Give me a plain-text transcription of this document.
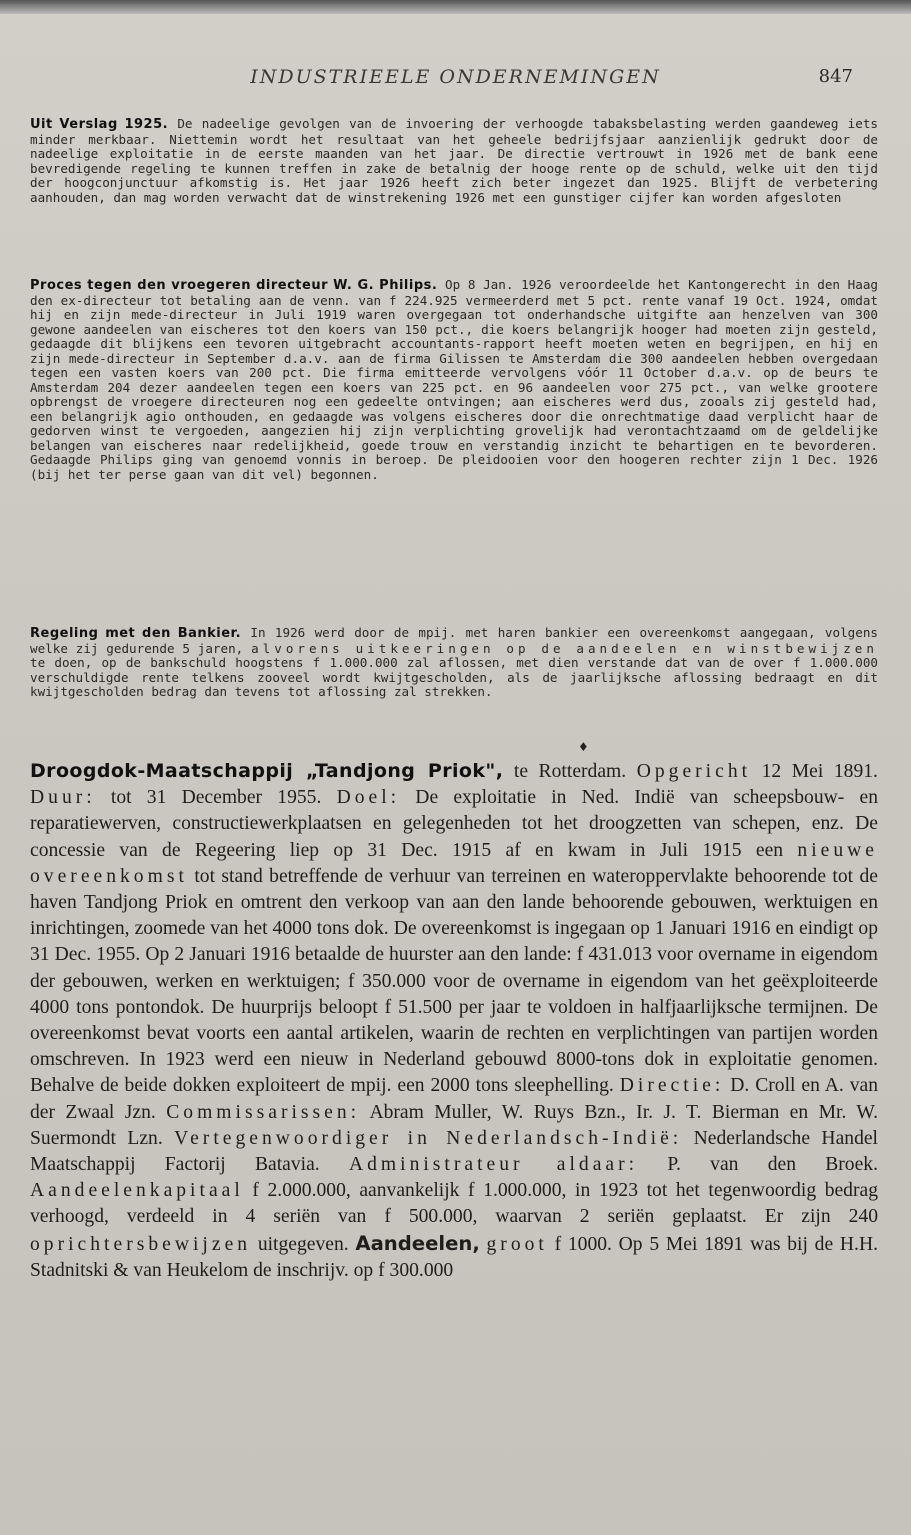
INDUSTRIEELE ONDERNEMINGEN	847
Uit Verslag 1925. De nadeelige gevolgen van de invoering der verhoogde tabaksbelasting werden gaandeweg iets minder merkbaar. Niettemin wordt het resultaat van het geheele bedrijfsjaar aanzienlijk gedrukt door de nadeelige exploitatie in de eerste maanden van het jaar. De directie vertrouwt in 1926 met de bank eene bevredigende regeling te kunnen treffen in zake de betalnig der hooge rente op de schuld, welke uit den tijd der hoogconjunctuur afkomstig is. Het jaar 1926 heeft zich beter ingezet dan 1925. Blijft de verbetering aanhouden, dan mag worden verwacht dat de winstrekening 1926 met een gunstiger cijfer kan worden afgesloten
Proces tegen den vroegeren directeur W. G. Philips. Op 8 Jan. 1926 veroordeelde het Kantongerecht in den Haag den ex-directeur tot betaling aan de venn. van f 224.925 vermeerderd met 5 pct. rente vanaf 19 Oct. 1924, omdat hij en zijn mede-directeur in Juli 1919 waren overgegaan tot onderhandsche uitgifte aan henzelven van 300 gewone aandeelen van eischeres tot den koers van 150 pct., die koers belangrijk hooger had moeten zijn gesteld, gedaagde dit blijkens een tevoren uitgebracht accountants-rapport heeft moeten weten en begrijpen, en hij en zijn mede-directeur in September d.a.v. aan de firma Gilissen te Amsterdam die 300 aandeelen hebben overgedaan tegen een vasten koers van 200 pct. Die firma emitteerde vervolgens vóór 11 October d.a.v. op de beurs te Amsterdam 204 dezer aandeelen tegen een koers van 225 pct. en 96 aandeelen voor 275 pct., van welke grootere opbrengst de vroegere directeuren nog een gedeelte ontvingen; aan eischeres werd dus, zooals zij gesteld had, een belangrijk agio onthouden, en gedaagde was volgens eischeres door die onrechtmatige daad verplicht haar de gedorven winst te vergoeden, aangezien hij zijn verplichting grovelijk had verontachtzaamd om de geldelijke belangen van eischeres naar redelijkheid, goede trouw en verstandig inzicht te behartigen en te bevorderen. Gedaagde Philips ging van genoemd vonnis in beroep. De pleidooien voor den hoogeren rechter zijn 1 Dec. 1926 (bij het ter perse gaan van dit vel) begonnen.
Regeling met den Bankier. In 1926 werd door de mpij. met haren bankier een overeenkomst aangegaan, volgens welke zij gedurende 5 jaren, alvorens uitkeeringen op de aandeelen en winstbewijzen te doen, op de bankschuld hoogstens f 1.000.000 zal aflossen, met dien verstande dat van de over f 1.000.000 verschuldigde rente telkens zooveel wordt kwijtgescholden, als de jaarlijksche aflossing bedraagt en dit kwijtgescholden bedrag dan tevens tot aflossing zal strekken.
♦
Droogdok-Maatschappij „Tandjong Priok", te Rotterdam. Opgericht 12 Mei 1891. Duur: tot 31 December 1955. Doel: De exploitatie in Ned. Indië van scheepsbouw- en reparatiewerven, constructiewerkplaatsen en gelegenheden tot het droogzetten van schepen, enz. De concessie van de Regeering liep op 31 Dec. 1915 af en kwam in Juli 1915 een nieuwe overeenkomst tot stand betreffende de verhuur van terreinen en wateroppervlakte behoorende tot de haven Tandjong Priok en omtrent den verkoop van aan den lande behoorende gebouwen, werktuigen en inrichtingen, zoomede van het 4000 tons dok. De overeenkomst is ingegaan op 1 Januari 1916 en eindigt op 31 Dec. 1955. Op 2 Januari 1916 betaalde de huurster aan den lande: f 431.013 voor overname in eigendom der gebouwen, werken en werktuigen; f 350.000 voor de overname in eigendom van het geëxploiteerde 4000 tons pontondok. De huurprijs beloopt f 51.500 per jaar te voldoen in halfjaarlijksche termijnen. De overeenkomst bevat voorts een aantal artikelen, waarin de rechten en verplichtingen van partijen worden omschreven. In 1923 werd een nieuw in Nederland gebouwd 8000-tons dok in exploitatie genomen. Behalve de beide dokken exploiteert de mpij. een 2000 tons sleephelling. Directie: D. Croll en A. van der Zwaal Jzn. Commissarissen: Abram Muller, W. Ruys Bzn., Ir. J. T. Bierman en Mr. W. Suermondt Lzn. Vertegenwoordiger in Nederlandsch-Indië: Nederlandsche Handel Maatschappij Factorij Batavia. Administrateur aldaar: P. van den Broek. Aandeelenkapitaal f 2.000.000, aanvankelijk f 1.000.000, in 1923 tot het tegenwoordig bedrag verhoogd, verdeeld in 4 seriën van f 500.000, waarvan 2 seriën geplaatst. Er zijn 240 oprichtersbewijzen uitgegeven. Aandeelen, groot f 1000. Op 5 Mei 1891 was bij de H.H. Stadnitski & van Heukelom de inschrijv. op f 300.000
